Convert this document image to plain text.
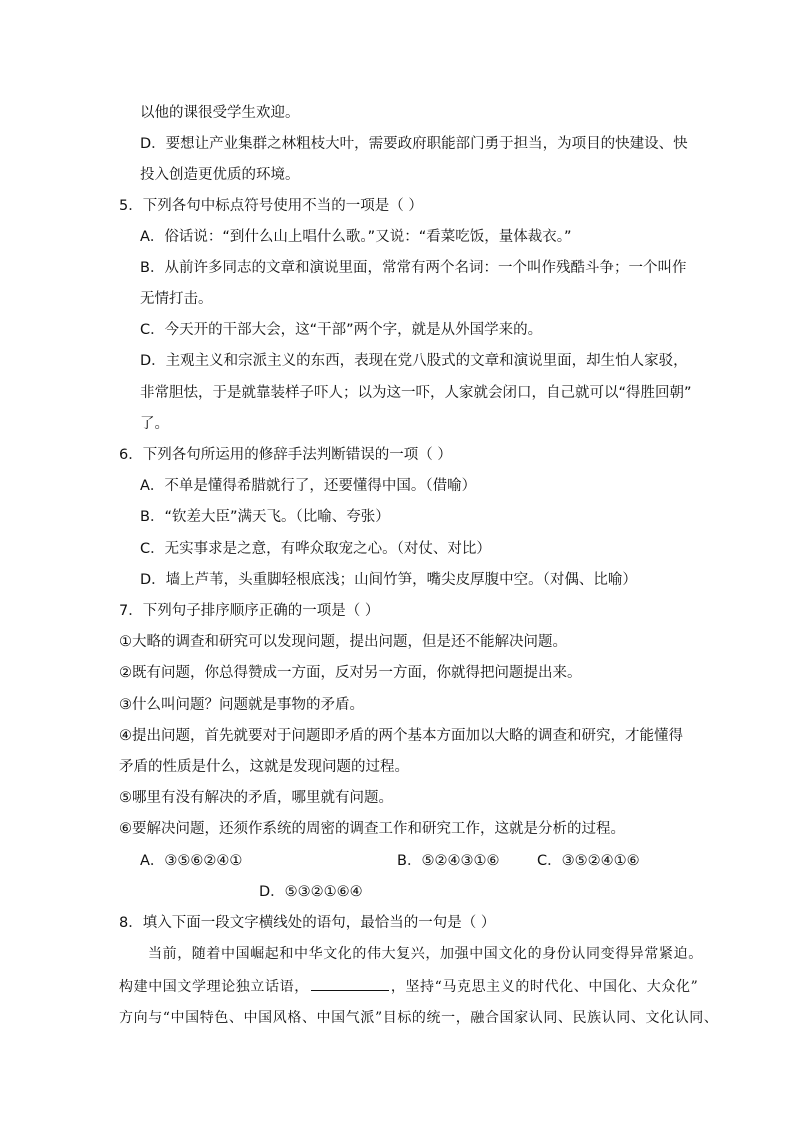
以他的课很受学生欢迎。
D．要想让产业集群之林粗枝大叶，需要政府职能部门勇于担当，为项目的快建设、快
投入创造更优质的环境。
5．下列各句中标点符号使用不当的一项是（ ）
A．俗话说：“到什么山上唱什么歌。”又说：“看菜吃饭，量体裁衣。”
B．从前许多同志的文章和演说里面，常常有两个名词：一个叫作残酷斗争；一个叫作
无情打击。
C．今天开的干部大会，这“干部”两个字，就是从外国学来的。
D．主观主义和宗派主义的东西，表现在党八股式的文章和演说里面，却生怕人家驳，
非常胆怯，于是就靠装样子吓人；以为这一吓，人家就会闭口，自己就可以“得胜回朝”
了。
6．下列各句所运用的修辞手法判断错误的一项（ ）
A．不单是懂得希腊就行了，还要懂得中国。（借喻）
B．“钦差大臣”满天飞。（比喻、夸张）
C．无实事求是之意，有哗众取宠之心。（对仗、对比）
D．墙上芦苇，头重脚轻根底浅；山间竹笋，嘴尖皮厚腹中空。（对偶、比喻）
7．下列句子排序顺序正确的一项是（ ）
①大略的调查和研究可以发现问题，提出问题，但是还不能解决问题。
②既有问题，你总得赞成一方面，反对另一方面，你就得把问题提出来。
③什么叫问题？问题就是事物的矛盾。
④提出问题，首先就要对于问题即矛盾的两个基本方面加以大略的调查和研究，才能懂得
矛盾的性质是什么，这就是发现问题的过程。
⑤哪里有没有解决的矛盾，哪里就有问题。
⑥要解决问题，还须作系统的周密的调查工作和研究工作，这就是分析的过程。
A．③⑤⑥②④①	B．⑤②④③①⑥	C．③⑤②④①⑥
D．⑤③②①⑥④
8．填入下面一段文字横线处的语句，最恰当的一句是（ ）
当前，随着中国崛起和中华文化的伟大复兴，加强中国文化的身份认同变得异常紧迫。
构建中国文学理论独立话语，	，坚持“马克思主义的时代化、中国化、大众化”
方向与“中国特色、中国风格、中国气派”目标的统一，融合国家认同、民族认同、文化认同、
